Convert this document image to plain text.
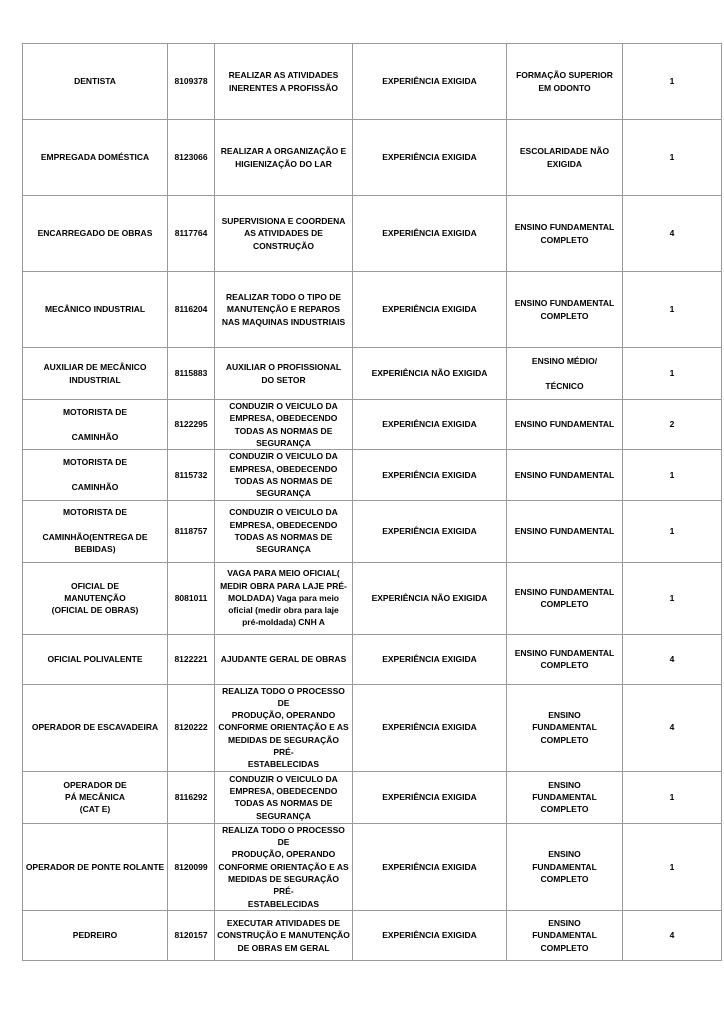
DENTISTA	8109378	REALIZAR AS ATIVIDADES
INERENTES A PROFISSÃO	EXPERIÊNCIA EXIGIDA	FORMAÇÃO SUPERIOR
EM ODONTO	1

EMPREGADA DOMÉSTICA	8123066	REALIZAR A ORGANIZAÇÃO E
HIGIENIZAÇÃO DO LAR	EXPERIÊNCIA EXIGIDA	ESCOLARIDADE NÃO
EXIGIDA	1

ENCARREGADO DE OBRAS	8117764	SUPERVISIONA E COORDENA
AS ATIVIDADES DE
CONSTRUÇÃO	EXPERIÊNCIA EXIGIDA	ENSINO FUNDAMENTAL
COMPLETO	4

MECÂNICO INDUSTRIAL	8116204	REALIZAR TODO O TIPO DE
MANUTENÇÃO E REPAROS
NAS MAQUINAS INDUSTRIAIS	EXPERIÊNCIA EXIGIDA	ENSINO FUNDAMENTAL
COMPLETO	1

AUXILIAR DE MECÂNICO
INDUSTRIAL	8115883	AUXILIAR O PROFISSIONAL
DO SETOR	EXPERIÊNCIA NÃO EXIGIDA	ENSINO MÉDIO/

TÉCNICO	1

MOTORISTA DE

CAMINHÃO	8122295	CONDUZIR O VEICULO DA
EMPRESA, OBEDECENDO
TODAS AS NORMAS DE
SEGURANÇA	EXPERIÊNCIA EXIGIDA	ENSINO FUNDAMENTAL	2

MOTORISTA DE

CAMINHÃO	8115732	CONDUZIR O VEICULO DA
EMPRESA, OBEDECENDO
TODAS AS NORMAS DE
SEGURANÇA	EXPERIÊNCIA EXIGIDA	ENSINO FUNDAMENTAL	1

MOTORISTA DE

CAMINHÃO(ENTREGA DE
BEBIDAS)	8118757	CONDUZIR O VEICULO DA
EMPRESA, OBEDECENDO
TODAS AS NORMAS DE
SEGURANÇA	EXPERIÊNCIA EXIGIDA	ENSINO FUNDAMENTAL	1

OFICIAL DE
MANUTENÇÃO
(OFICIAL DE OBRAS)	8081011	VAGA PARA MEIO OFICIAL(
MEDIR OBRA PARA LAJE PRÉ-
MOLDADA) Vaga para meio
oficial (medir obra para laje
pré-moldada) CNH A	EXPERIÊNCIA NÃO EXIGIDA	ENSINO FUNDAMENTAL
COMPLETO	1

OFICIAL POLIVALENTE	8122221	AJUDANTE GERAL DE OBRAS	EXPERIÊNCIA EXIGIDA	ENSINO FUNDAMENTAL
COMPLETO	4

OPERADOR DE ESCAVADEIRA	8120222	REALIZA TODO O PROCESSO DE
PRODUÇÃO, OPERANDO
CONFORME ORIENTAÇÃO E AS
MEDIDAS DE SEGURAÇÃO PRÉ-
ESTABELECIDAS	EXPERIÊNCIA EXIGIDA	ENSINO
FUNDAMENTAL
COMPLETO	4

OPERADOR DE
PÁ MECÂNICA
(CAT E)	8116292	CONDUZIR O VEICULO DA
EMPRESA, OBEDECENDO
TODAS AS NORMAS DE
SEGURANÇA	EXPERIÊNCIA EXIGIDA	ENSINO
FUNDAMENTAL
COMPLETO	1

OPERADOR DE PONTE ROLANTE	8120099	REALIZA TODO O PROCESSO DE
PRODUÇÃO, OPERANDO
CONFORME ORIENTAÇÃO E AS
MEDIDAS DE SEGURAÇÃO PRÉ-
ESTABELECIDAS	EXPERIÊNCIA EXIGIDA	ENSINO
FUNDAMENTAL
COMPLETO	1

PEDREIRO	8120157	EXECUTAR ATIVIDADES DE
CONSTRUÇÃO E MANUTENÇÃO
DE OBRAS EM GERAL	EXPERIÊNCIA EXIGIDA	ENSINO
FUNDAMENTAL
COMPLETO	4
